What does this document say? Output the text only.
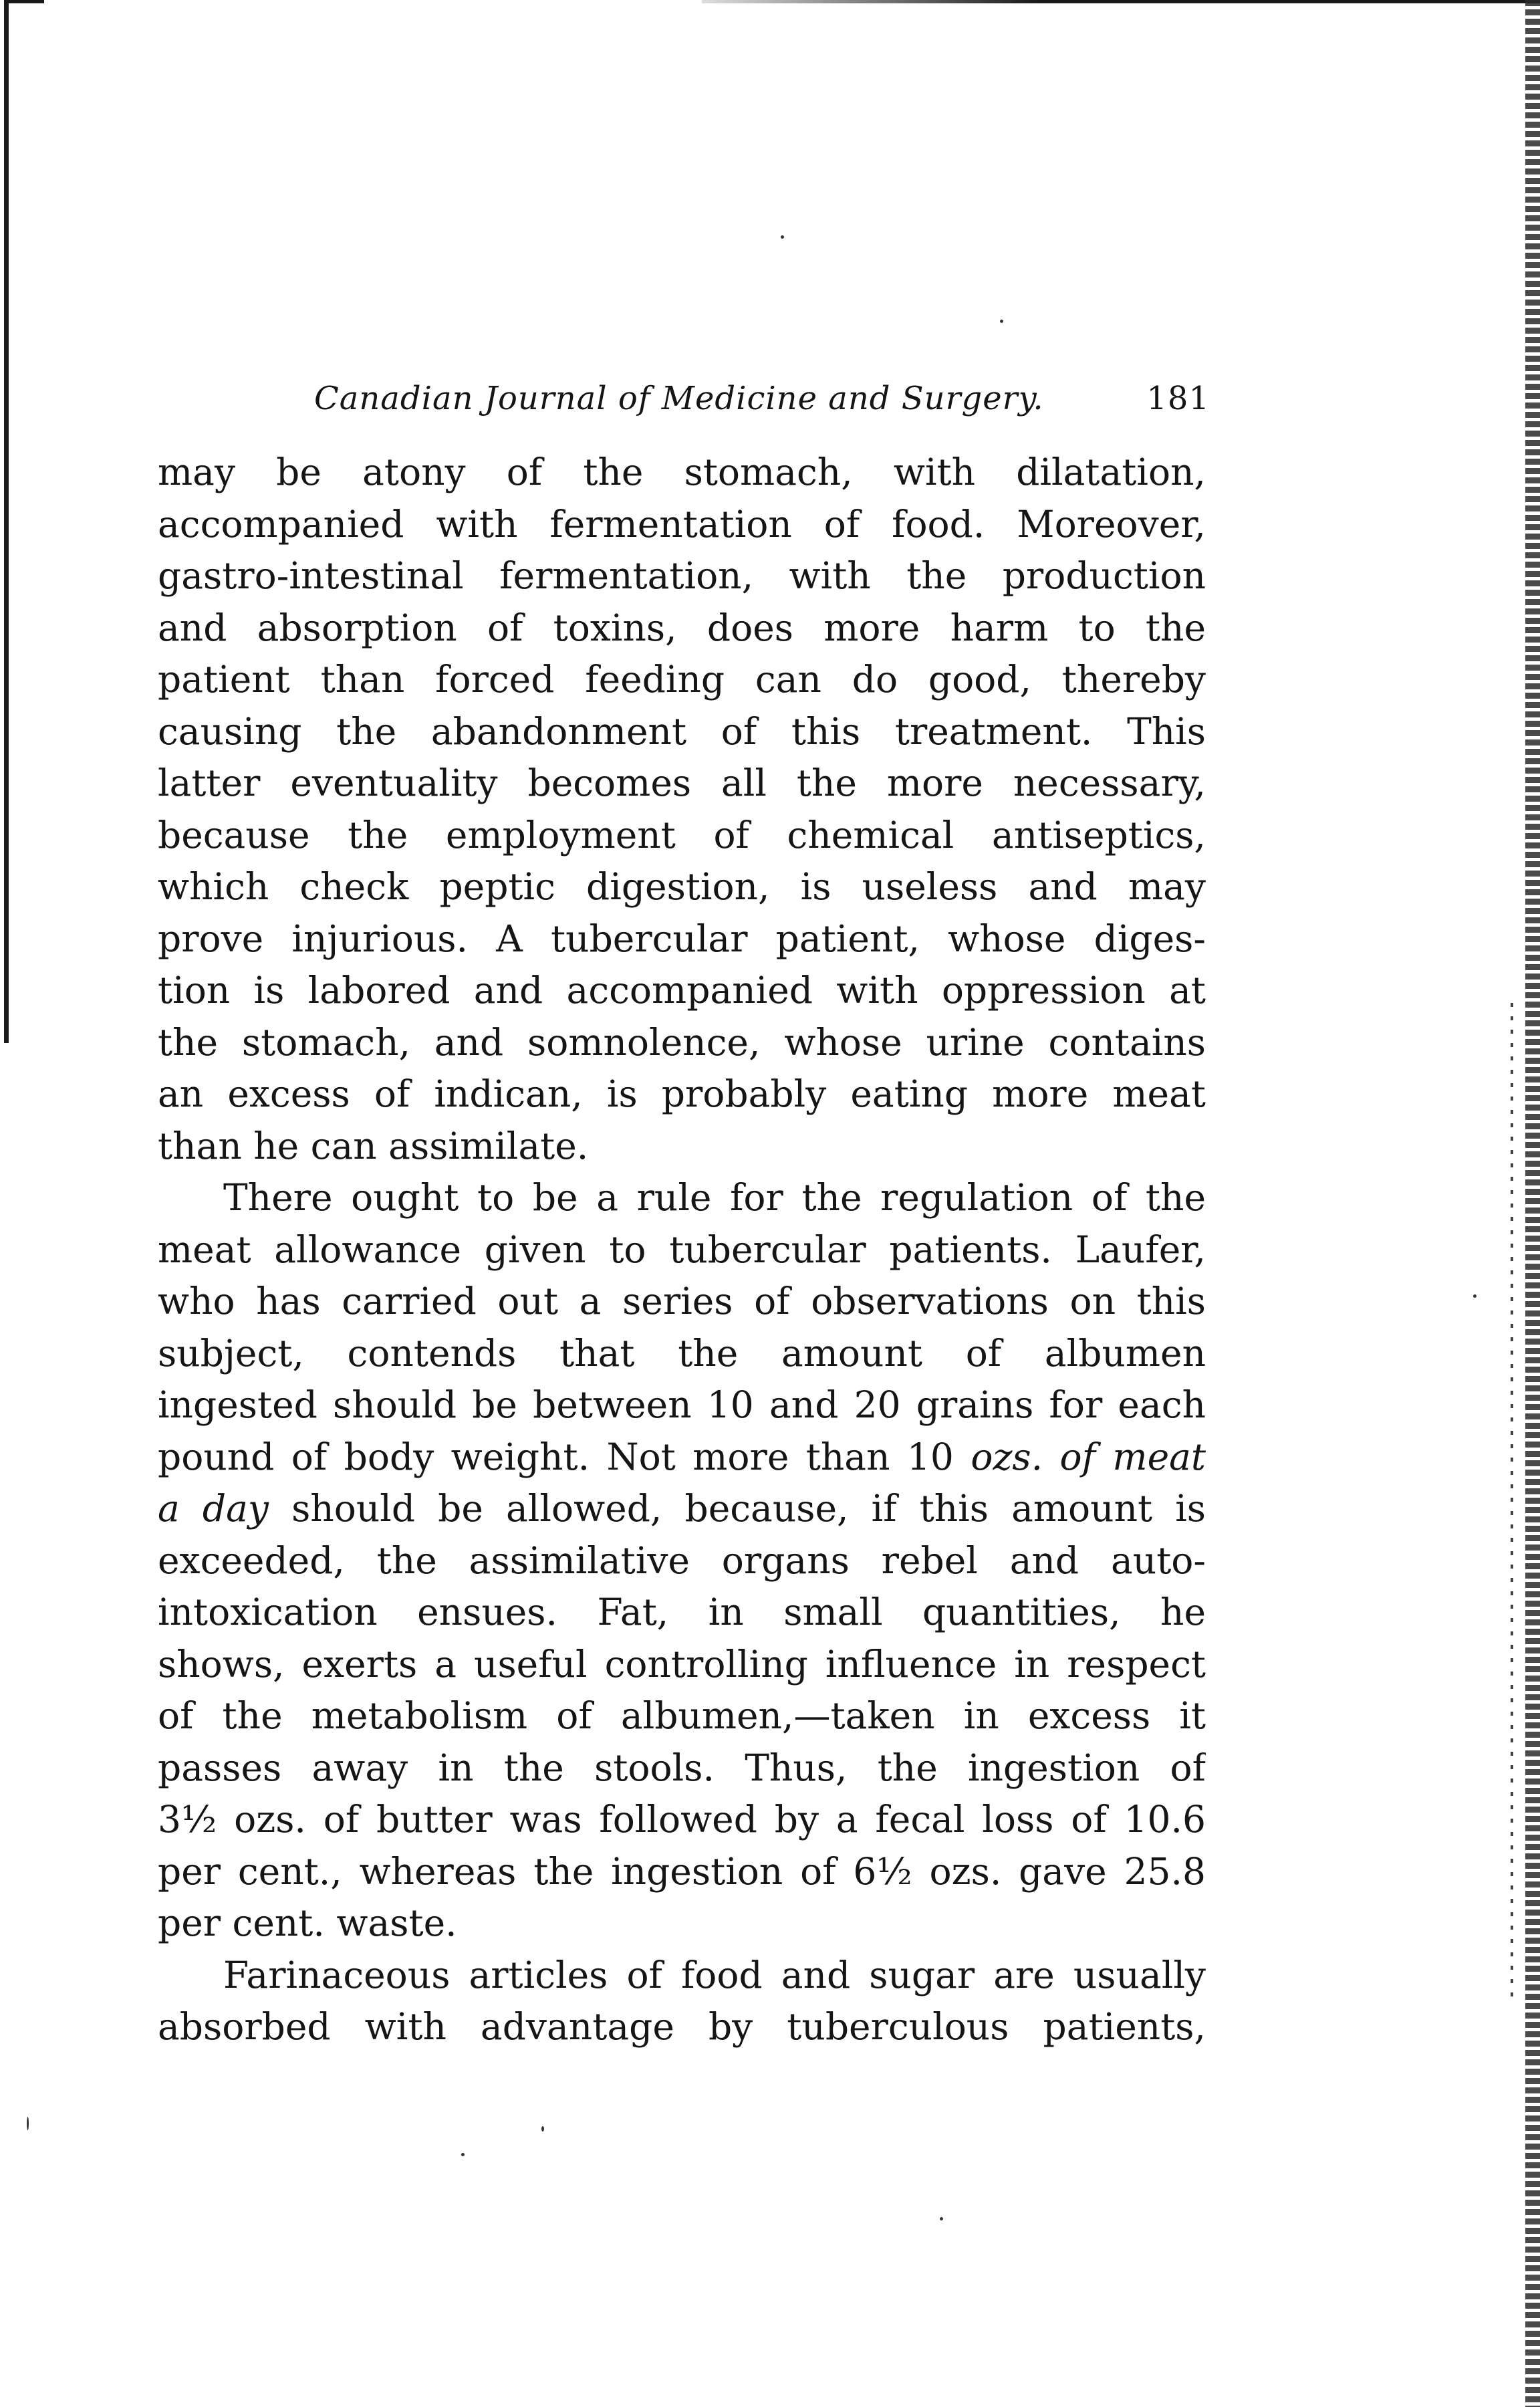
Canadian Journal of Medicine and Surgery.	181
may be atony of the stomach, with dilatation,
accompanied with fermentation of food. Moreover,
gastro-intestinal fermentation, with the production
and absorption of toxins, does more harm to the
patient than forced feeding can do good, thereby
causing the abandonment of this treatment. This
latter eventuality becomes all the more necessary,
because the employment of chemical antiseptics,
which check peptic digestion, is useless and may
prove injurious. A tubercular patient, whose diges-
tion is labored and accompanied with oppression at
the stomach, and somnolence, whose urine contains
an excess of indican, is probably eating more meat
than he can assimilate.
There ought to be a rule for the regulation of the
meat allowance given to tubercular patients. Laufer,
who has carried out a series of observations on this
subject, contends that the amount of albumen
ingested should be between 10 and 20 grains for each
pound of body weight. Not more than 10 ozs. of meat
a day should be allowed, because, if this amount is
exceeded, the assimilative organs rebel and auto-
intoxication ensues. Fat, in small quantities, he
shows, exerts a useful controlling influence in respect
of the metabolism of albumen,—taken in excess it
passes away in the stools. Thus, the ingestion of
3½ ozs. of butter was followed by a fecal loss of 10.6
per cent., whereas the ingestion of 6½ ozs. gave 25.8
per cent. waste.
Farinaceous articles of food and sugar are usually
absorbed with advantage by tuberculous patients,
